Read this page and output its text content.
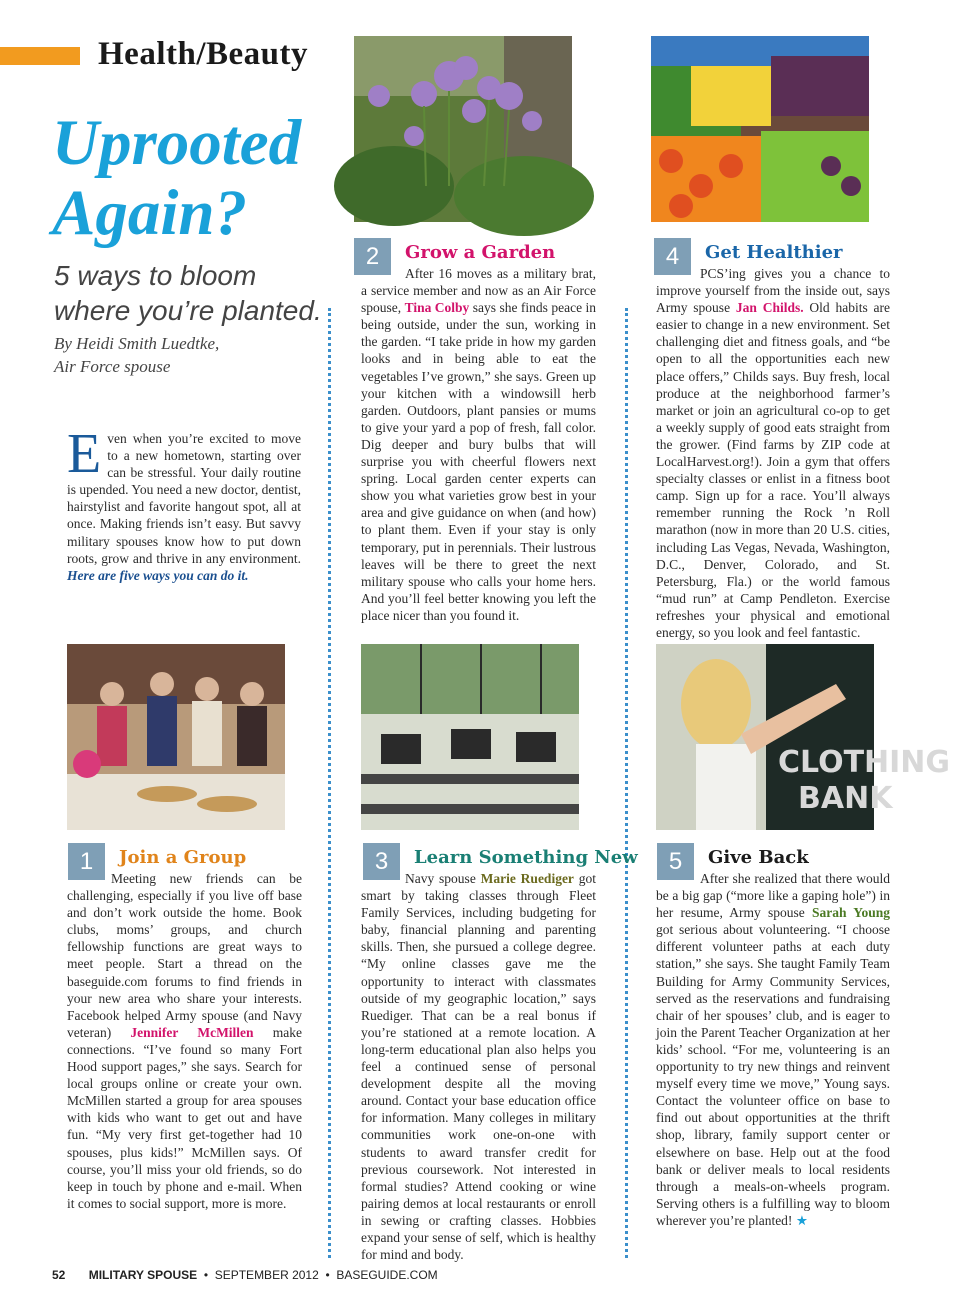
Health/Beauty
Uprooted
Again?
5 ways to bloom
where you’re planted.
By Heidi Smith Luedtke,
Air Force spouse
Even when you’re excited to move to a new hometown, starting over can be stressful. Your daily routine is upended. You need a new doctor, dentist, hairstylist and favorite hangout spot, all at once. Making friends isn’t easy. But savvy military spouses know how to put down roots, grow and thrive in any environment. Here are five ways you can do it.
CLOTHING
BANK
2	Grow a Garden
After 16 moves as a military brat, a service member and now as an Air Force spouse, Tina Colby says she finds peace in being outside, under the sun, working in the garden. “I take pride in how my garden looks and in being able to eat the vegetables I’ve grown,” she says. Green up your kitchen with a windowsill herb garden. Outdoors, plant pansies or mums to give your yard a pop of fresh, fall color. Dig deeper and bury bulbs that will surprise you with cheerful flowers next spring. Local garden center experts can show you what varieties grow best in your area and give guidance on when (and how) to plant them. Even if your stay is only temporary, put in perennials. Their lustrous leaves will be there to greet the next military spouse who calls your home hers. And you’ll feel better knowing you left the place nicer than you found it.
4	Get Healthier
PCS’ing gives you a chance to improve yourself from the inside out, says Army spouse Jan Childs. Old habits are easier to change in a new environment. Set challenging diet and fitness goals, and “be open to all the opportunities each new place offers,” Childs says. Buy fresh, local produce at the neighborhood farmer’s market or join an agricultural co-op to get a weekly supply of good eats straight from the grower. (Find farms by ZIP code at LocalHarvest.org!). Join a gym that offers specialty classes or enlist in a fitness boot camp. Sign up for a race. You’ll always remember running the Rock ’n Roll marathon (now in more than 20 U.S. cities, including Las Vegas, Nevada, Washington, D.C., Denver, Colorado, and St. Petersburg, Fla.) or the world famous “mud run” at Camp Pendleton. Exercise refreshes your physical and emotional energy, so you look and feel fantastic.
1	Join a Group
Meeting new friends can be challenging, especially if you live off base and don’t work outside the home. Book clubs, moms’ groups, and church fellowship functions are great ways to meet people. Start a thread on the baseguide.com forums to find friends in your new area who share your interests. Facebook helped Army spouse (and Navy veteran) Jennifer McMillen make connections. “I’ve found so many Fort Hood support pages,” she says. Search for local groups online or create your own. McMillen started a group for area spouses with kids who want to get out and have fun. “My very first get-together had 10 spouses, plus kids!” McMillen says. Of course, you’ll miss your old friends, so do keep in touch by phone and e-mail. When it comes to social support, more is more.
3	Learn Something New
Navy spouse Marie Ruediger got smart by taking classes through Fleet Family Services, including budgeting for baby, financial planning and parenting skills. Then, she pursued a college degree. “My online classes gave me the opportunity to interact with classmates outside of my geographic location,” says Ruediger. That can be a real bonus if you’re stationed at a remote location. A long-term educational plan also helps you feel a continued sense of personal development despite all the moving around. Contact your base education office for information. Many colleges in military communities work one-on-one with students to award transfer credit for previous coursework. Not interested in formal studies? Attend cooking or wine pairing demos at local restaurants or enroll in sewing or crafting classes. Hobbies expand your sense of self, which is healthy for mind and body.
5	Give Back
After she realized that there would be a big gap (“more like a gaping hole”) in her resume, Army spouse Sarah Young got serious about volunteering. “I choose different volunteer paths at each duty station,” she says. She taught Family Team Building for Army Community Services, served as the reservations and fundraising chair of her spouses’ club, and is eager to join the Parent Teacher Organization at her kids’ school. “For me, volunteering is an opportunity to try new things and reinvent myself every time we move,” Young says. Contact the volunteer office on base to find out about opportunities at the thrift shop, library, family support center or elsewhere on base. Help out at the food bank or deliver meals to local residents through a meals-on-wheels program. Serving others is a fulfilling way to bloom wherever you’re planted! ★
52 MILITARY SPOUSE • SEPTEMBER 2012 • BASEGUIDE.COM
